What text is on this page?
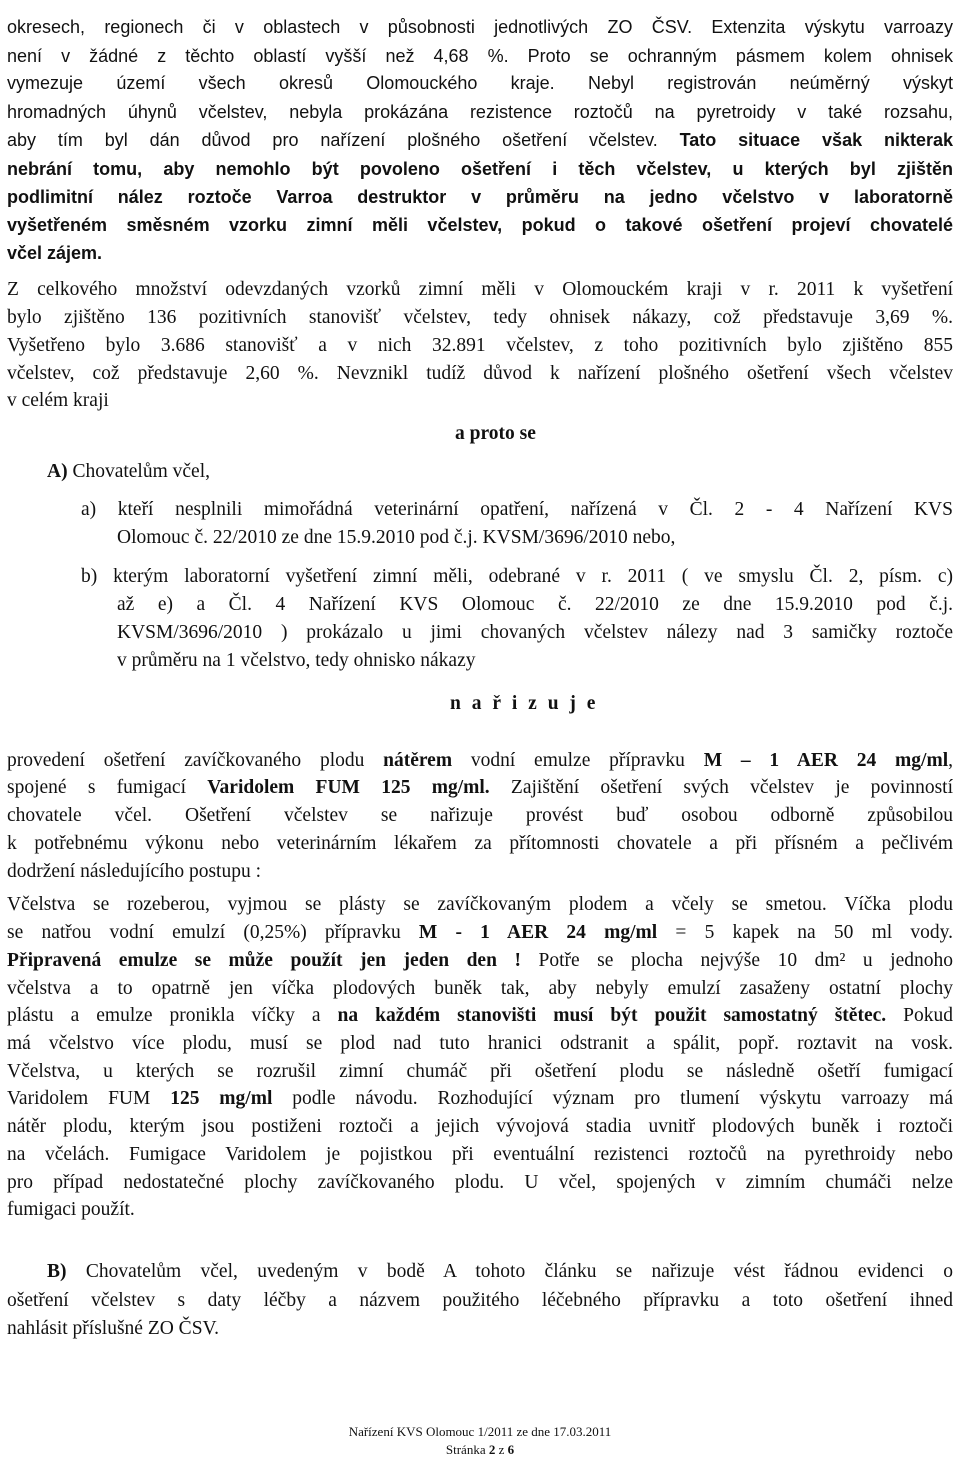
okresech, regionech či v oblastech v působnosti jednotlivých ZO ČSV. Extenzita výskytu varroazy
není v žádné z těchto oblastí vyšší než 4,68 %. Proto se ochranným pásmem kolem ohnisek
vymezuje území všech okresů Olomouckého kraje. Nebyl registrován neúměrný výskyt
hromadných úhynů včelstev, nebyla prokázána rezistence roztočů na pyretroidy v také rozsahu,
aby tím byl dán důvod pro nařízení plošného ošetření včelstev. Tato situace však nikterak
nebrání tomu, aby nemohlo být povoleno ošetření i těch včelstev, u kterých byl zjištěn
podlimitní nález roztoče Varroa destruktor v průměru na jedno včelstvo v laboratorně
vyšetřeném směsném vzorku zimní měli včelstev, pokud o takové ošetření projeví chovatelé
včel zájem.
Z celkového množství odevzdaných vzorků zimní měli v Olomouckém kraji v r. 2011 k vyšetření
bylo zjištěno 136 pozitivních stanovišť včelstev, tedy ohnisek nákazy, což představuje 3,69 %.
Vyšetřeno bylo 3.686 stanovišť a v nich 32.891 včelstev, z toho pozitivních bylo zjištěno 855
včelstev, což představuje 2,60 %. Nevznikl tudíž důvod k nařízení plošného ošetření všech včelstev
v celém kraji
a proto se
A) Chovatelům včel,
a) kteří nesplnili mimořádná veterinární opatření, nařízená v Čl. 2 - 4 Nařízení KVS
Olomouc č. 22/2010 ze dne 15.9.2010 pod č.j. KVSM/3696/2010 nebo,
b) kterým laboratorní vyšetření zimní měli, odebrané v r. 2011 ( ve smyslu Čl. 2, písm. c)
až e) a Čl. 4 Nařízení KVS Olomouc č. 22/2010 ze dne 15.9.2010 pod č.j.
KVSM/3696/2010 ) prokázalo u jimi chovaných včelstev nálezy nad 3 samičky roztoče
v průměru na 1 včelstvo, tedy ohnisko nákazy
n a ř i z u j e
provedení ošetření zavíčkovaného plodu nátěrem vodní emulze přípravku M – 1 AER 24 mg/ml,
spojené s fumigací Varidolem FUM 125 mg/ml. Zajištění ošetření svých včelstev je povinností
chovatele včel. Ošetření včelstev se nařizuje provést buď osobou odborně způsobilou
k potřebnému výkonu nebo veterinárním lékařem za přítomnosti chovatele a při přísném a pečlivém
dodržení následujícího postupu :
Včelstva se rozeberou, vyjmou se plásty se zavíčkovaným plodem a včely se smetou. Víčka plodu
se natřou vodní emulzí (0,25%) přípravku M - 1 AER 24 mg/ml = 5 kapek na 50 ml vody.
Připravená emulze se může použít jen jeden den ! Potře se plocha nejvýše 10 dm² u jednoho
včelstva a to opatrně jen víčka plodových buněk tak, aby nebyly emulzí zasaženy ostatní plochy
plástu a emulze pronikla víčky a na každém stanovišti musí být použit samostatný štětec. Pokud
má včelstvo více plodu, musí se plod nad tuto hranici odstranit a spálit, popř. roztavit na vosk.
Včelstva, u kterých se rozrušil zimní chumáč při ošetření plodu se následně ošetří fumigací
Varidolem FUM 125 mg/ml podle návodu. Rozhodující význam pro tlumení výskytu varroazy má
nátěr plodu, kterým jsou postiženi roztoči a jejich vývojová stadia uvnitř plodových buněk i roztoči
na včelách. Fumigace Varidolem je pojistkou při eventuální rezistenci roztočů na pyrethroidy nebo
pro případ nedostatečné plochy zavíčkovaného plodu. U včel, spojených v zimním chumáči nelze
fumigaci použít.
B) Chovatelům včel, uvedeným v bodě A tohoto článku se nařizuje vést řádnou evidenci o
ošetření včelstev s daty léčby a názvem použitého léčebného přípravku a toto ošetření ihned
nahlásit příslušné ZO ČSV.
Nařízení KVS Olomouc 1/2011 ze dne 17.03.2011
Stránka 2 z 6
